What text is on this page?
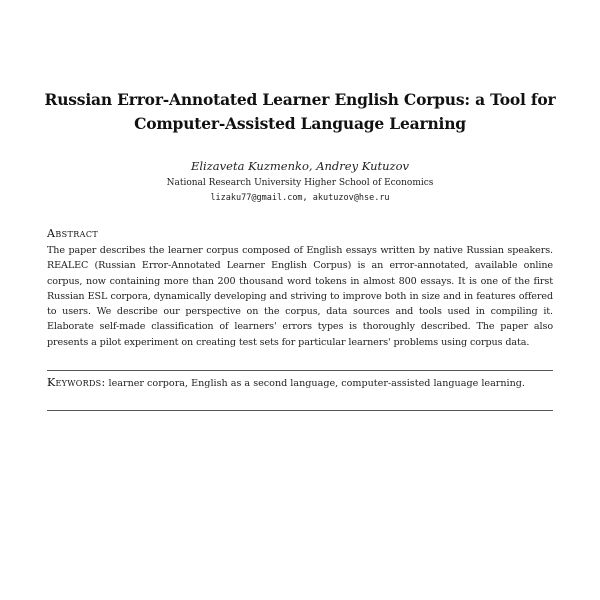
Russian Error-Annotated Learner English Corpus: a Tool for
Computer-Assisted Language Learning
Elizaveta Kuzmenko, Andrey Kutuzov
National Research University Higher School of Economics
lizaku77@gmail.com, akutuzov@hse.ru
Abstract
The paper describes the learner corpus composed of English essays written by native Russian speakers. REALEC (Russian Error-Annotated Learner English Corpus) is an error-annotated, available online corpus, now containing more than 200 thousand word tokens in almost 800 essays. It is one of the first Russian ESL corpora, dynamically developing and striving to improve both in size and in features offered to users. We describe our perspective on the corpus, data sources and tools used in compiling it. Elaborate self-made classification of learners' errors types is thoroughly described. The paper also presents a pilot experiment on creating test sets for particular learners' problems using corpus data.
Keywords: learner corpora, English as a second language, computer-assisted language learning.
